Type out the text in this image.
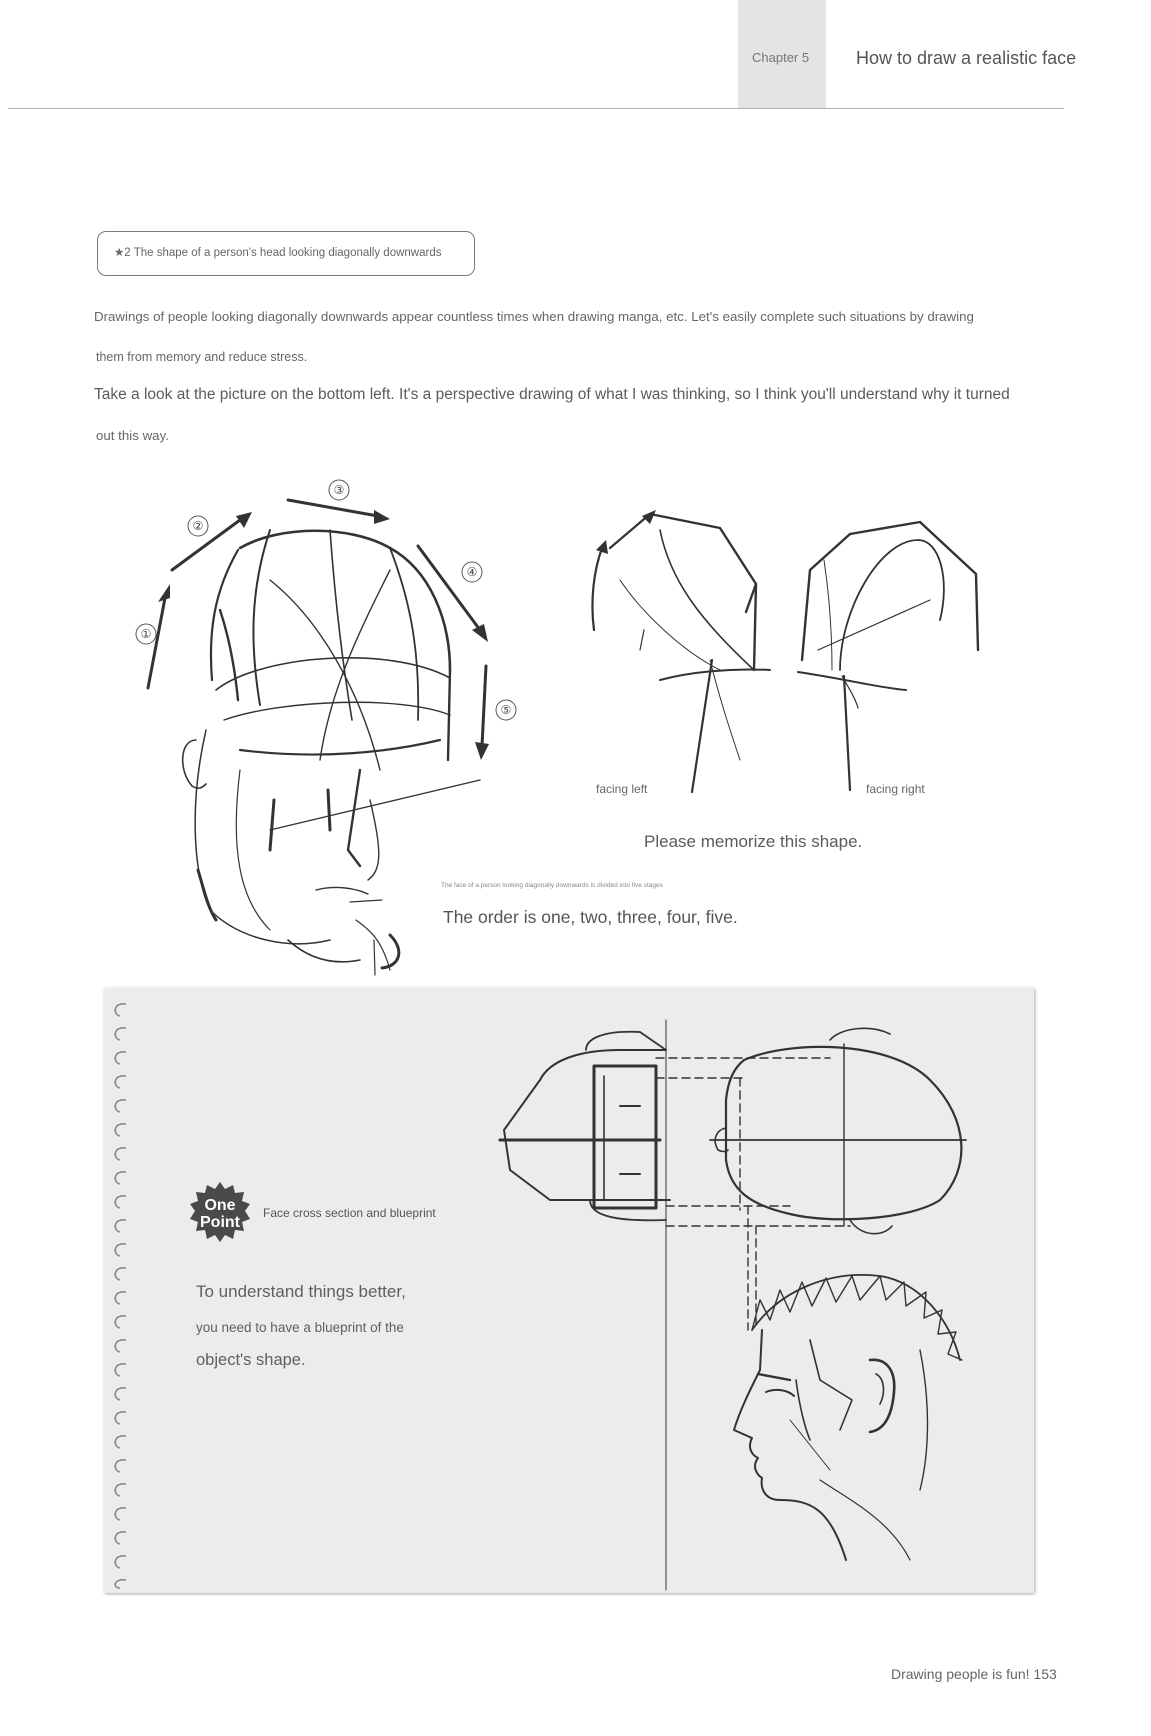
Chapter 5	How to draw a realistic face
★2 The shape of a person's head looking diagonally downwards

Drawings of people looking diagonally downwards appear countless times when drawing manga, etc. Let's easily complete such situations by drawing

them from memory and reduce stress.

Take a look at the picture on the bottom left. It's a perspective drawing of what I was thinking, so I think you'll understand why it turned

out this way.

①
②
③
④
⑤
facing left	facing right
Please memorize this shape.
The face of a person looking diagonally downwards is divided into five stages
The order is one, two, three, four, five.
One
Point
Face cross section and blueprint

To understand things better,

you need to have a blueprint of the

object's shape.

Drawing people is fun! 153
